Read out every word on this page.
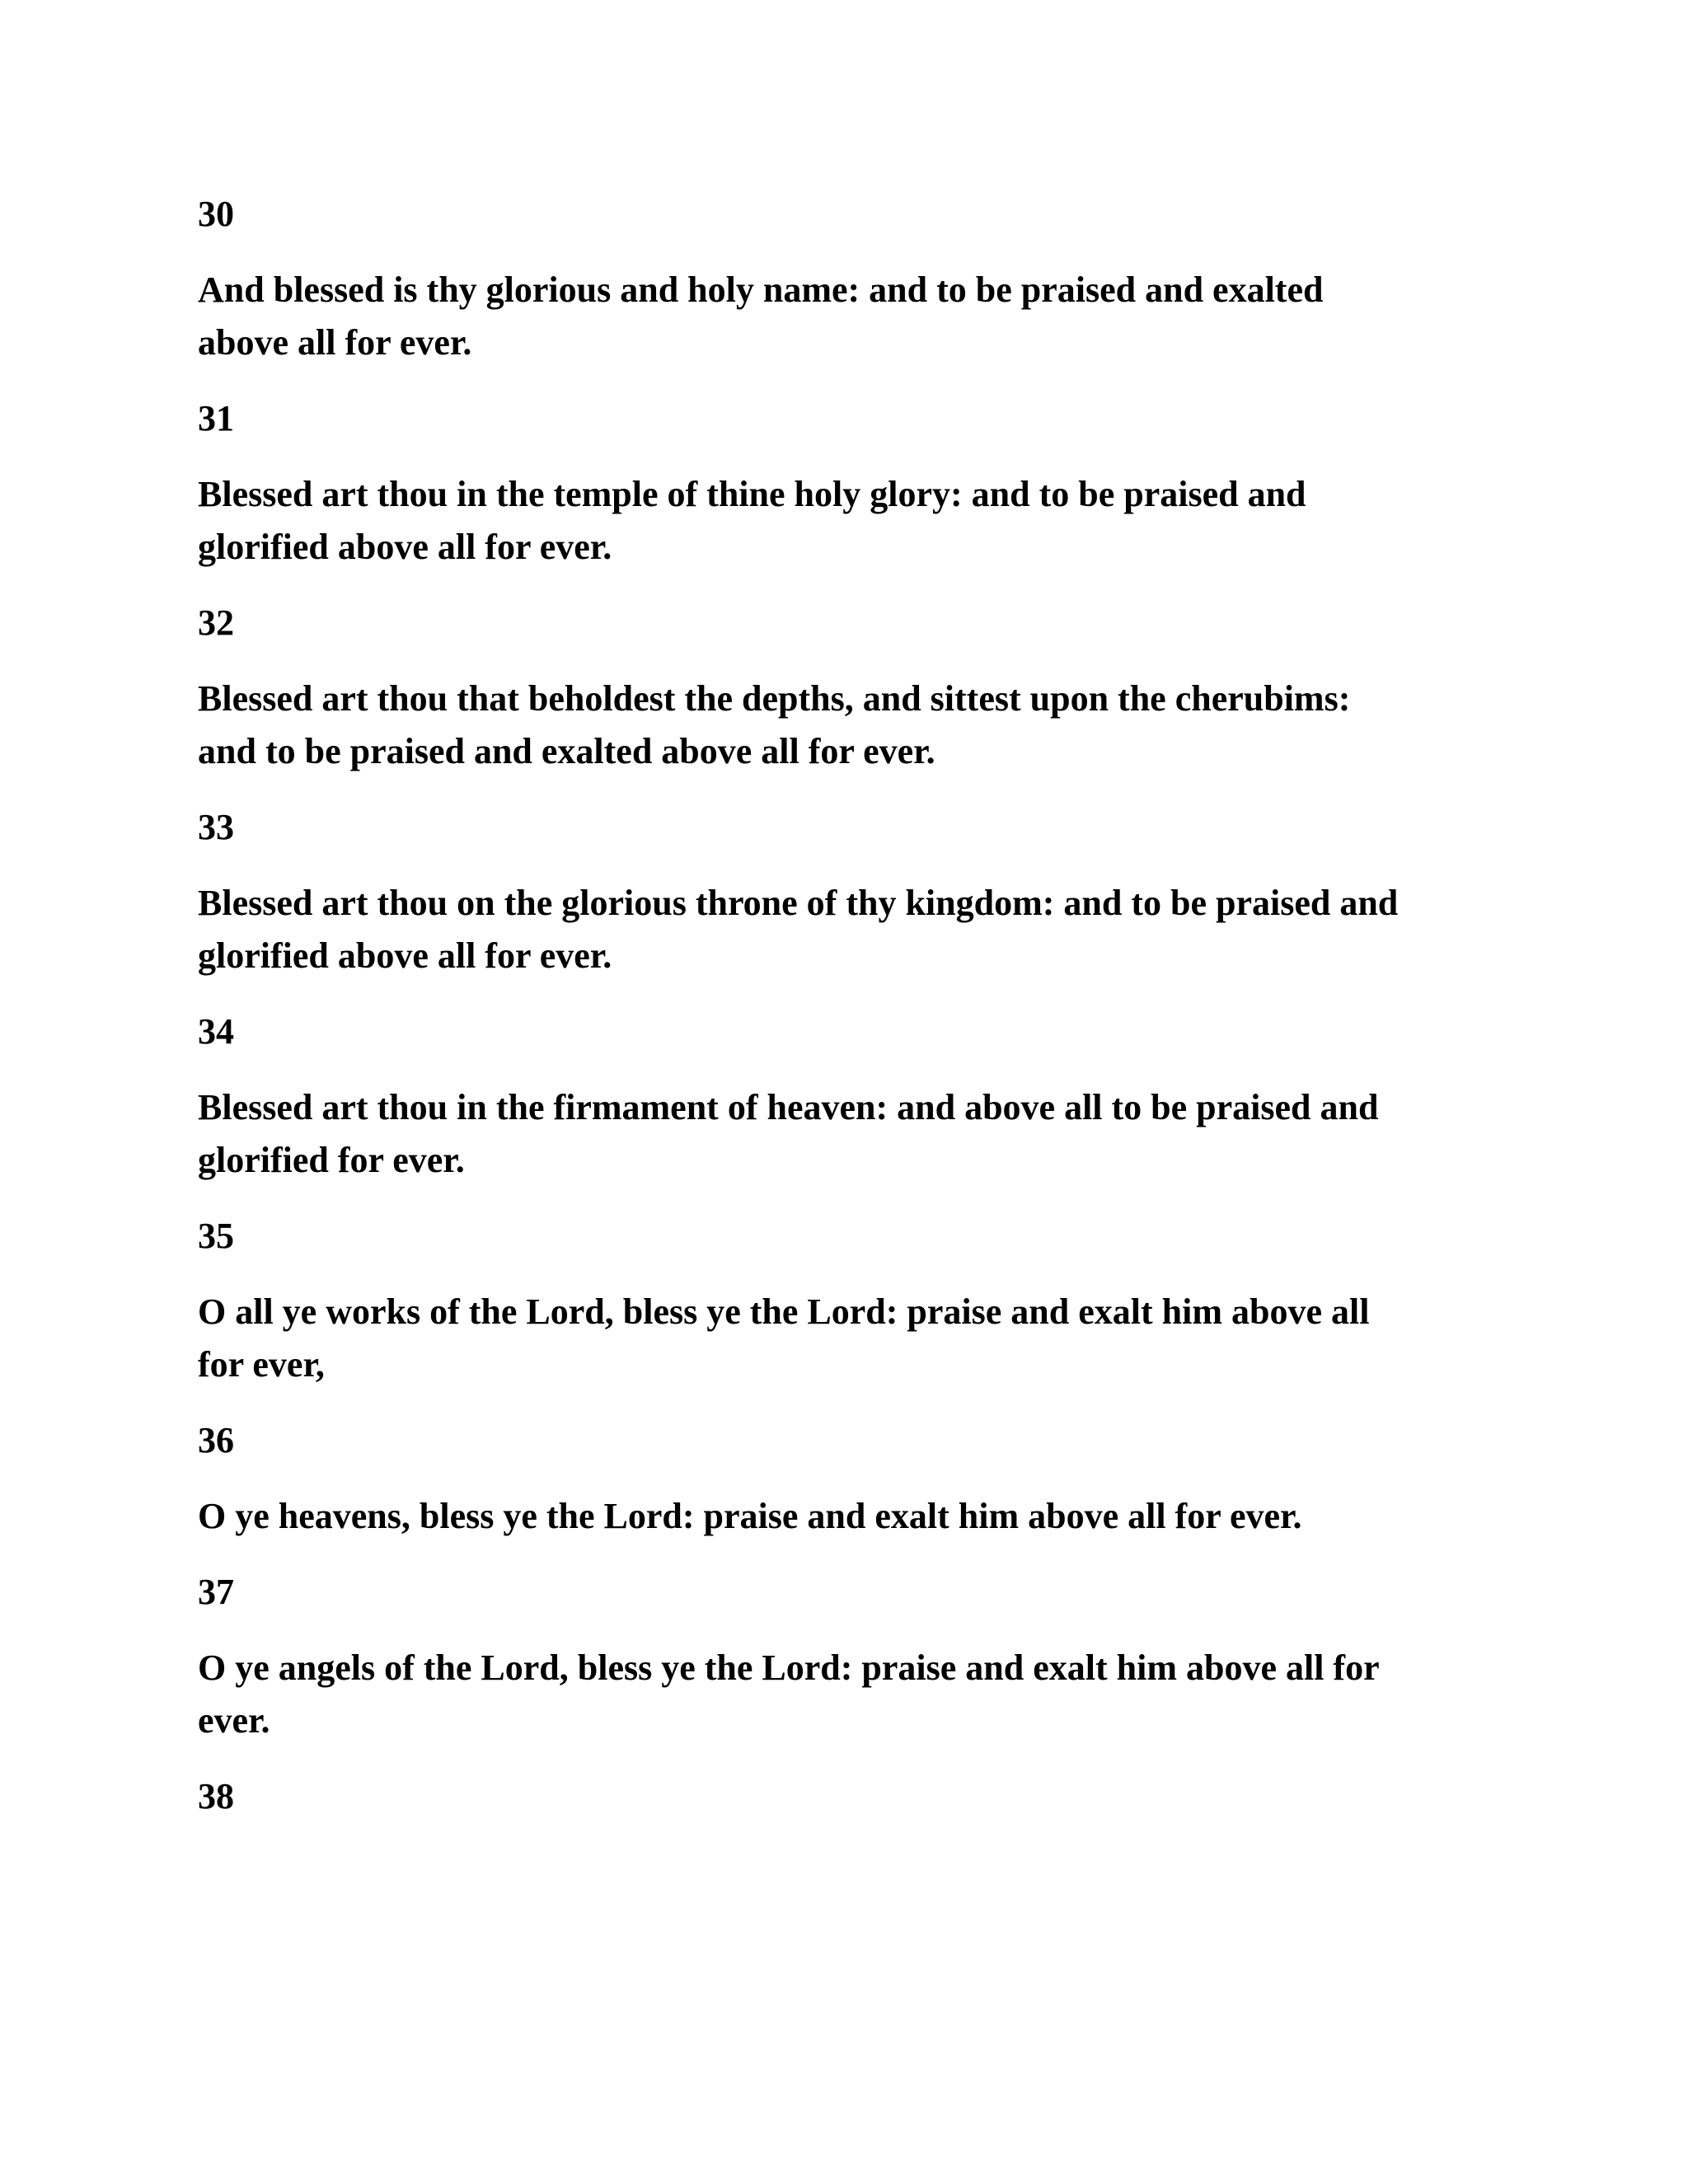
30
And blessed is thy glorious and holy name: and to be praised and exalted
above all for ever.
31
Blessed art thou in the temple of thine holy glory: and to be praised and
glorified above all for ever.
32
Blessed art thou that beholdest the depths, and sittest upon the cherubims:
and to be praised and exalted above all for ever.
33
Blessed art thou on the glorious throne of thy kingdom: and to be praised and
glorified above all for ever.
34
Blessed art thou in the firmament of heaven: and above all to be praised and
glorified for ever.
35
O all ye works of the Lord, bless ye the Lord: praise and exalt him above all
for ever,
36
O ye heavens, bless ye the Lord: praise and exalt him above all for ever.
37
O ye angels of the Lord, bless ye the Lord: praise and exalt him above all for
ever.
38
